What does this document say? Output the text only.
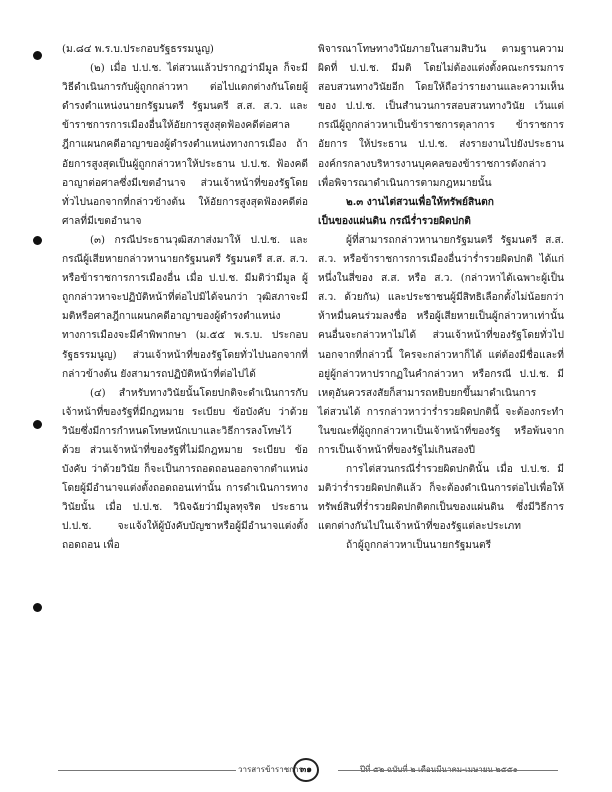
(ม.๘๔ พ.ร.บ.ประกอบรัฐธรรมนูญ)

(๒) เมื่อ ป.ป.ช. ไต่สวนแล้วปรากฏว่ามีมูล ก็จะมีวิธีดำเนินการกับผู้ถูกกล่าวหา ต่อไปแตกต่างกันโดยผู้ดำรงตำแหน่งนายกรัฐมนตรี รัฐมนตรี ส.ส. ส.ว. และข้าราชการการเมืองอื่นให้อัยการสูงสุดฟ้องคดีต่อศาลฎีกาแผนกคดีอาญาของผู้ดำรงตำแหน่งทางการเมือง ถ้าอัยการสูงสุดเป็นผู้ถูกกล่าวหาให้ประธาน ป.ป.ช. ฟ้องคดีอาญาต่อศาลซึ่งมีเขตอำนาจ ส่วนเจ้าหน้าที่ของรัฐโดยทั่วไปนอกจากที่กล่าวข้างต้น ให้อัยการสูงสุดฟ้องคดีต่อศาลที่มีเขตอำนาจ

(๓) กรณีประธานวุฒิสภาส่งมาให้ ป.ป.ช. และกรณีผู้เสียหายกล่าวหานายกรัฐมนตรี รัฐมนตรี ส.ส. ส.ว. หรือข้าราชการการเมืองอื่น เมื่อ ป.ป.ช. มีมติว่ามีมูล ผู้ถูกกล่าวหาจะปฏิบัติหน้าที่ต่อไปมิได้จนกว่า วุฒิสภาจะมีมติหรือศาลฎีกาแผนกคดีอาญาของผู้ดำรงตำแหน่งทางการเมืองจะมีคำพิพากษา (ม.๕๕ พ.ร.บ. ประกอบรัฐธรรมนูญ) ส่วนเจ้าหน้าที่ของรัฐโดยทั่วไปนอกจากที่กล่าวข้างต้น ยังสามารถปฏิบัติหน้าที่ต่อไปได้

(๔) สำหรับทางวินัยนั้นโดยปกติจะดำเนินการกับเจ้าหน้าที่ของรัฐที่มีกฎหมาย ระเบียบ ข้อบังคับ ว่าด้วยวินัยซึ่งมีการกำหนดโทษหนักเบาและวิธีการลงโทษไว้ด้วย ส่วนเจ้าหน้าที่ของรัฐที่ไม่มีกฎหมาย ระเบียบ ข้อบังคับ ว่าด้วยวินัย ก็จะเป็นการถอดถอนออกจากตำแหน่งโดยผู้มีอำนาจแต่งตั้งถอดถอนเท่านั้น การดำเนินการทางวินัยนั้น เมื่อ ป.ป.ช. วินิจฉัยว่ามีมูลทุจริต ประธาน ป.ป.ช. จะแจ้งให้ผู้บังคับบัญชาหรือผู้มีอำนาจแต่งตั้งถอดถอน เพื่อ

พิจารณาโทษทางวินัยภายในสามสิบวัน ตามฐานความผิดที่ ป.ป.ช. มีมติ โดยไม่ต้องแต่งตั้งคณะกรรมการสอบสวนทางวินัยอีก โดยให้ถือว่ารายงานและความเห็นของ ป.ป.ช. เป็นสำนวนการสอบสวนทางวินัย เว้นแต่กรณีผู้ถูกกล่าวหาเป็นข้าราชการตุลาการ ข้าราชการอัยการ ให้ประธาน ป.ป.ช. ส่งรายงานไปยังประธานองค์กรกลางบริหารงานบุคคลของข้าราชการดังกล่าว เพื่อพิจารณาดำเนินการตามกฎหมายนั้น

๒.๓ งานไต่สวนเพื่อให้ทรัพย์สินตก

เป็นของแผ่นดิน กรณีร่ำรวยผิดปกติ

ผู้ที่สามารถกล่าวหานายกรัฐมนตรี รัฐมนตรี ส.ส. ส.ว. หรือข้าราชการการเมืองอื่นว่าร่ำรวยผิดปกติ ได้แก่ หนึ่งในสี่ของ ส.ส. หรือ ส.ว. (กล่าวหาได้เฉพาะผู้เป็น ส.ว. ด้วยกัน) และประชาชนผู้มีสิทธิเลือกตั้งไม่น้อยกว่าห้าหมื่นคนร่วมลงชื่อ หรือผู้เสียหายเป็นผู้กล่าวหาเท่านั้น คนอื่นจะกล่าวหาไม่ได้ ส่วนเจ้าหน้าที่ของรัฐโดยทั่วไปนอกจากที่กล่าวนี้ ใครจะกล่าวหาก็ได้ แต่ต้องมีชื่อและที่อยู่ผู้กล่าวหาปรากฏในคำกล่าวหา หรือกรณี ป.ป.ช. มีเหตุอันควรสงสัยก็สามารถหยิบยกขึ้นมาดำเนินการไต่สวนได้ การกล่าวหาว่าร่ำรวยผิดปกตินี้ จะต้องกระทำในขณะที่ผู้ถูกกล่าวหาเป็นเจ้าหน้าที่ของรัฐ หรือพ้นจากการเป็นเจ้าหน้าที่ของรัฐไม่เกินสองปี

การไต่สวนกรณีร่ำรวยผิดปกตินั้น เมื่อ ป.ป.ช. มีมติว่าร่ำรวยผิดปกติแล้ว ก็จะต้องดำเนินการต่อไปเพื่อให้ทรัพย์สินที่ร่ำรวยผิดปกติตกเป็นของแผ่นดิน ซึ่งมีวิธีการแตกต่างกันไปในเจ้าหน้าที่ของรัฐแต่ละประเภท

ถ้าผู้ถูกกล่าวหาเป็นนายกรัฐมนตรี

วารสารข้าราชการ
๓๑
